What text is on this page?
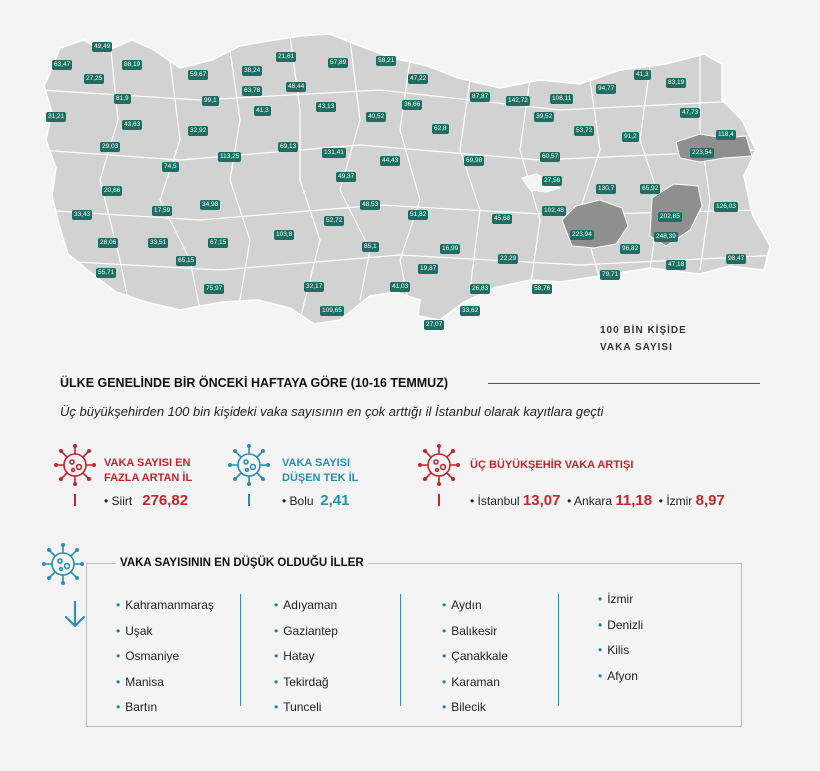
49,49
63,47
27,25
88,19
59,67
38,24
21,61
57,89	58,21
47,22
94,77
41,3
83,19
81,9	99,1
63,78
48,44
31,21
41,3
43,13
40,52
36,66
87,87
142,72	108,11
47,73
43,63
32,92	62,8
39,52
53,72
118,4
29,03	69,13
131,41
60,57
91,2
113,25
223,54
74,5
44,43	69,98
27,56
130,7	65,92
20,66
49,37
17,59
34,98	48,53
102,48
202,85
126,03
33,43
52,72
51,82
45,68
223,94	248,39
28,06	33,51	67,15
103,8
85,1	16,99	96,82
65,15	22,29
47,18
98,47
55,71
19,87
79,71
75,97	32,17	41,03	26,83	58,76
109,65	33,62
27,07
100 BİN KİŞİDE
VAKA SAYISI
ÜLKE GENELİNDE BİR ÖNCEKİ HAFTAYA GÖRE (10-16 TEMMUZ)
Üç büyükşehirden 100 bin kişideki vaka sayısının en çok arttığı il İstanbul olarak kayıtlara geçti
VAKA SAYISI EN
FAZLA ARTAN İL
• Siirt 276,82
VAKA SAYISI
DÜŞEN TEK İL
• Bolu 2,41
ÜÇ BÜYÜKŞEHİR VAKA ARTIŞI
• İstanbul 13,07  • Ankara 11,18  • İzmir 8,97
VAKA SAYISININ EN DÜŞÜK OLDUĞU İLLER
• Kahramanmaraş
• Uşak
• Osmaniye
• Manisa
• Bartın
• Adıyaman
• Gaziantep
• Hatay
• Tekirdağ
• Tunceli
• Aydın
• Balıkesir
• Çanakkale
• Karaman
• Bilecik
• İzmir
• Denizli
• Kilis
• Afyon
